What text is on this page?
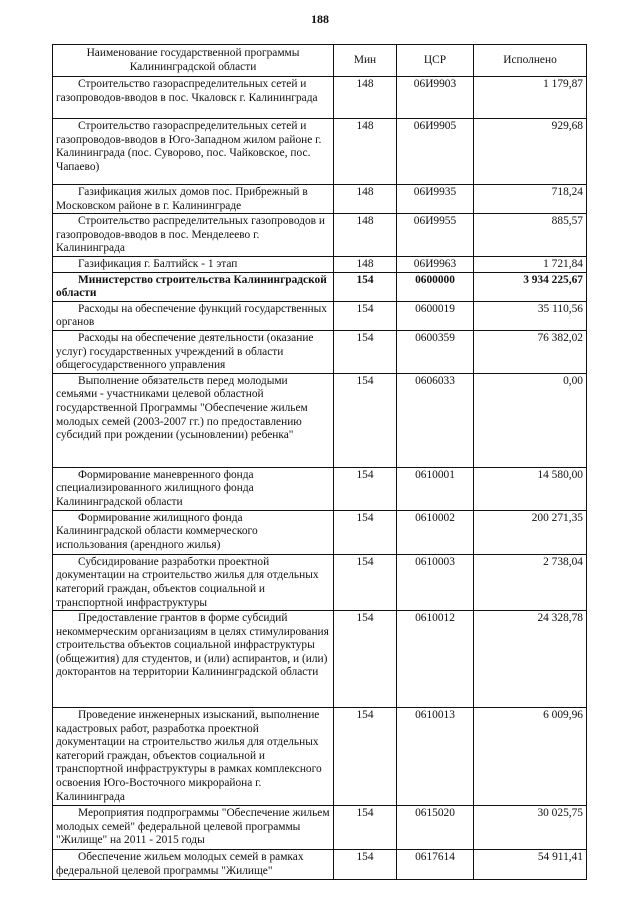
188
Наименование государственной программы Калининградской области	Мин	ЦСР	Исполнено
Строительство газораспределительных сетей и газопроводов-вводов в пос. Чкаловск г. Калининграда	148	06И9903	1 179,87
Строительство газораспределительных сетей и газопроводов-вводов в Юго-Западном жилом районе г. Калининграда (пос. Суворово, пос. Чайковское, пос. Чапаево)	148	06И9905	929,68
Газификация жилых домов пос. Прибрежный в Московском районе в г. Калининграде	148	06И9935	718,24
Строительство распределительных газопроводов и газопроводов-вводов в пос. Менделеево г. Калининграда	148	06И9955	885,57
Газификация г. Балтийск - 1 этап	148	06И9963	1 721,84
Министерство строительства Калининградской области	154	0600000	3 934 225,67
Расходы на обеспечение функций государственных органов	154	0600019	35 110,56
Расходы на обеспечение деятельности (оказание услуг) государственных учреждений в области общегосударственного управления	154	0600359	76 382,02
Выполнение обязательств перед молодыми семьями - участниками целевой областной государственной Программы "Обеспечение жильем молодых семей (2003-2007 гг.) по предоставлению субсидий при рождении (усыновлении) ребенка"	154	0606033	0,00
Формирование маневренного фонда специализированного жилищного фонда Калининградской области	154	0610001	14 580,00
Формирование жилищного фонда Калининградской области коммерческого использования (арендного жилья)	154	0610002	200 271,35
Субсидирование разработки проектной документации на строительство жилья для отдельных категорий граждан, объектов социальной и транспортной инфраструктуры	154	0610003	2 738,04
Предоставление грантов в форме субсидий некоммерческим организациям в целях стимулирования строительства объектов социальной инфраструктуры (общежития) для студентов, и (или) аспирантов, и (или) докторантов на территории Калининградской области	154	0610012	24 328,78
Проведение инженерных изысканий, выполнение кадастровых работ, разработка проектной документации на строительство жилья для отдельных категорий граждан, объектов социальной и транспортной инфраструктуры в рамках комплексного освоения Юго-Восточного микрорайона г. Калининграда	154	0610013	6 009,96
Мероприятия подпрограммы "Обеспечение жильем молодых семей" федеральной целевой программы "Жилище" на 2011 - 2015 годы	154	0615020	30 025,75
Обеспечение жильем молодых семей в рамках федеральной целевой программы "Жилище"	154	0617614	54 911,41
